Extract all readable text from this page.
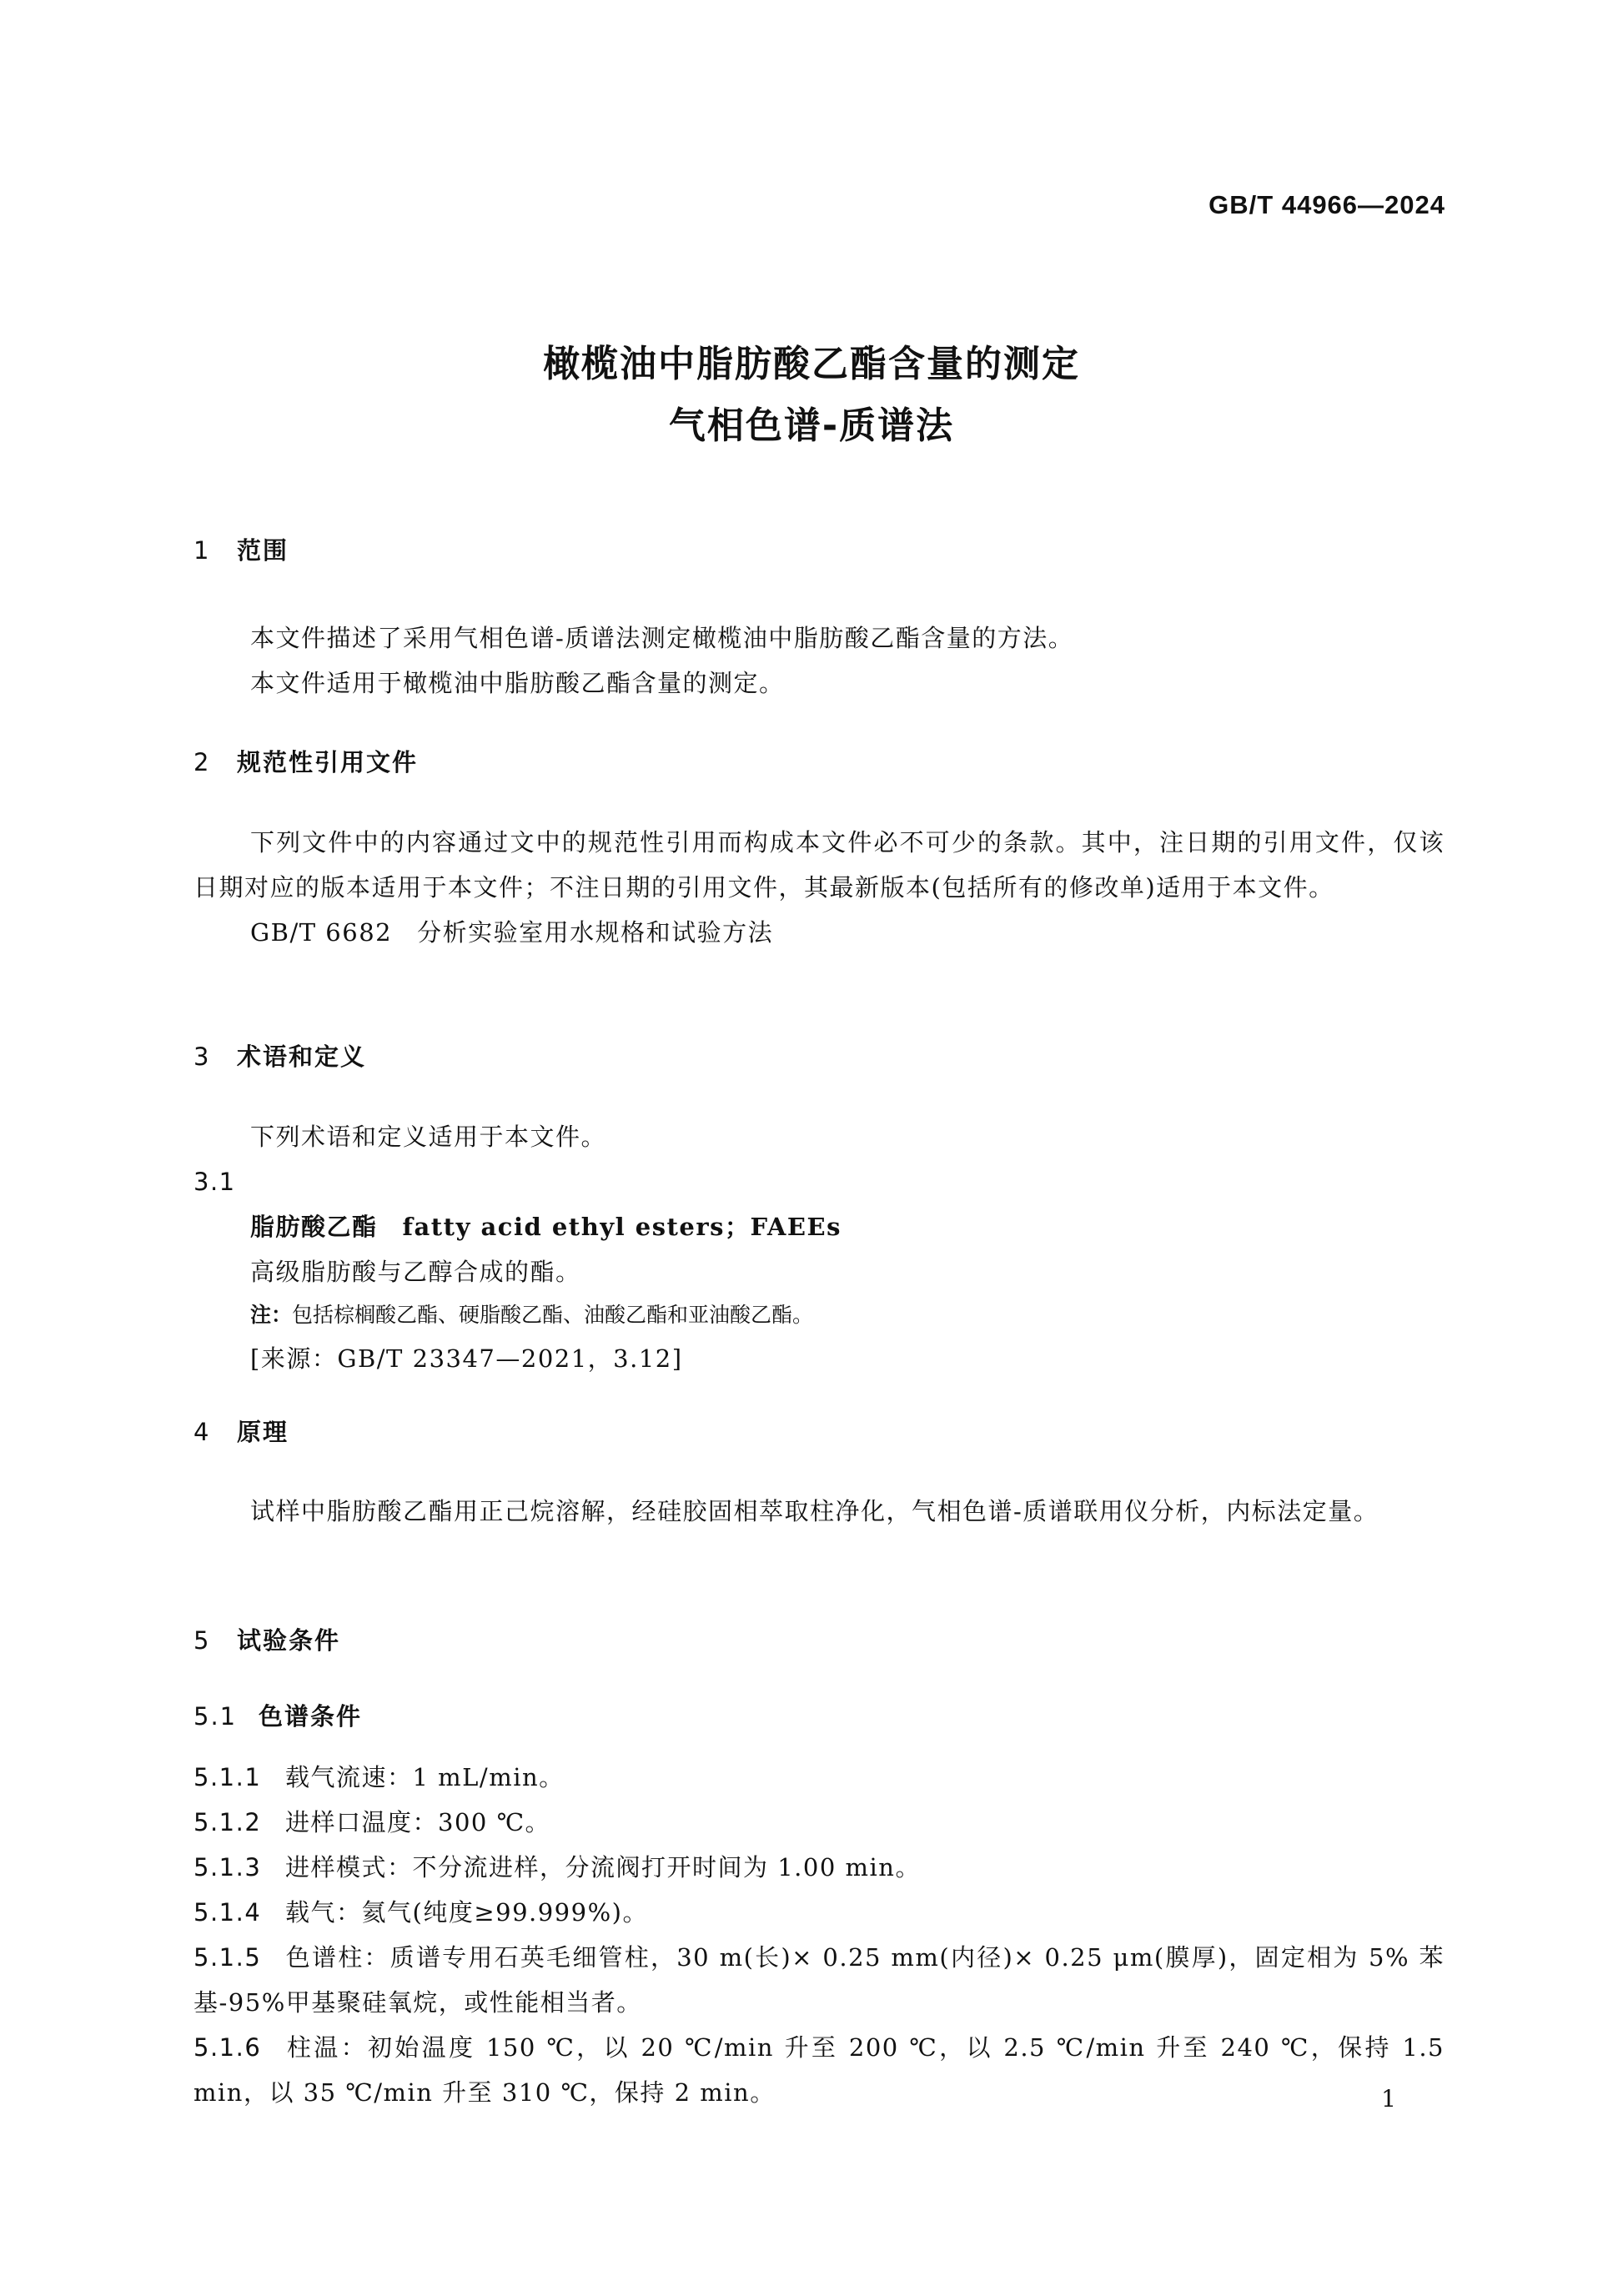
GB/T 44966—2024
橄榄油中脂肪酸乙酯含量的测定
气相色谱-质谱法
1 范围
本文件描述了采用气相色谱-质谱法测定橄榄油中脂肪酸乙酯含量的方法。
本文件适用于橄榄油中脂肪酸乙酯含量的测定。
2 规范性引用文件
下列文件中的内容通过文中的规范性引用而构成本文件必不可少的条款。其中，注日期的引用文件，仅该日期对应的版本适用于本文件；不注日期的引用文件，其最新版本(包括所有的修改单)适用于本文件。
GB/T 6682 分析实验室用水规格和试验方法
3 术语和定义
下列术语和定义适用于本文件。
3.1
脂肪酸乙酯 fatty acid ethyl esters；FAEEs
高级脂肪酸与乙醇合成的酯。
注：包括棕榈酸乙酯、硬脂酸乙酯、油酸乙酯和亚油酸乙酯。
[来源：GB/T 23347—2021，3.12]
4 原理
试样中脂肪酸乙酯用正己烷溶解，经硅胶固相萃取柱净化，气相色谱-质谱联用仪分析，内标法定量。
5 试验条件
5.1 色谱条件
5.1.1 载气流速：1 mL/min。
5.1.2 进样口温度：300 ℃。
5.1.3 进样模式：不分流进样，分流阀打开时间为 1.00 min。
5.1.4 载气：氦气(纯度≥99.999%)。
5.1.5 色谱柱：质谱专用石英毛细管柱，30 m(长)× 0.25 mm(内径)× 0.25 μm(膜厚)，固定相为 5% 苯基-95%甲基聚硅氧烷，或性能相当者。
5.1.6 柱温：初始温度 150 ℃，以 20 ℃/min 升至 200 ℃，以 2.5 ℃/min 升至 240 ℃，保持 1.5 min，以 35 ℃/min 升至 310 ℃，保持 2 min。	1
